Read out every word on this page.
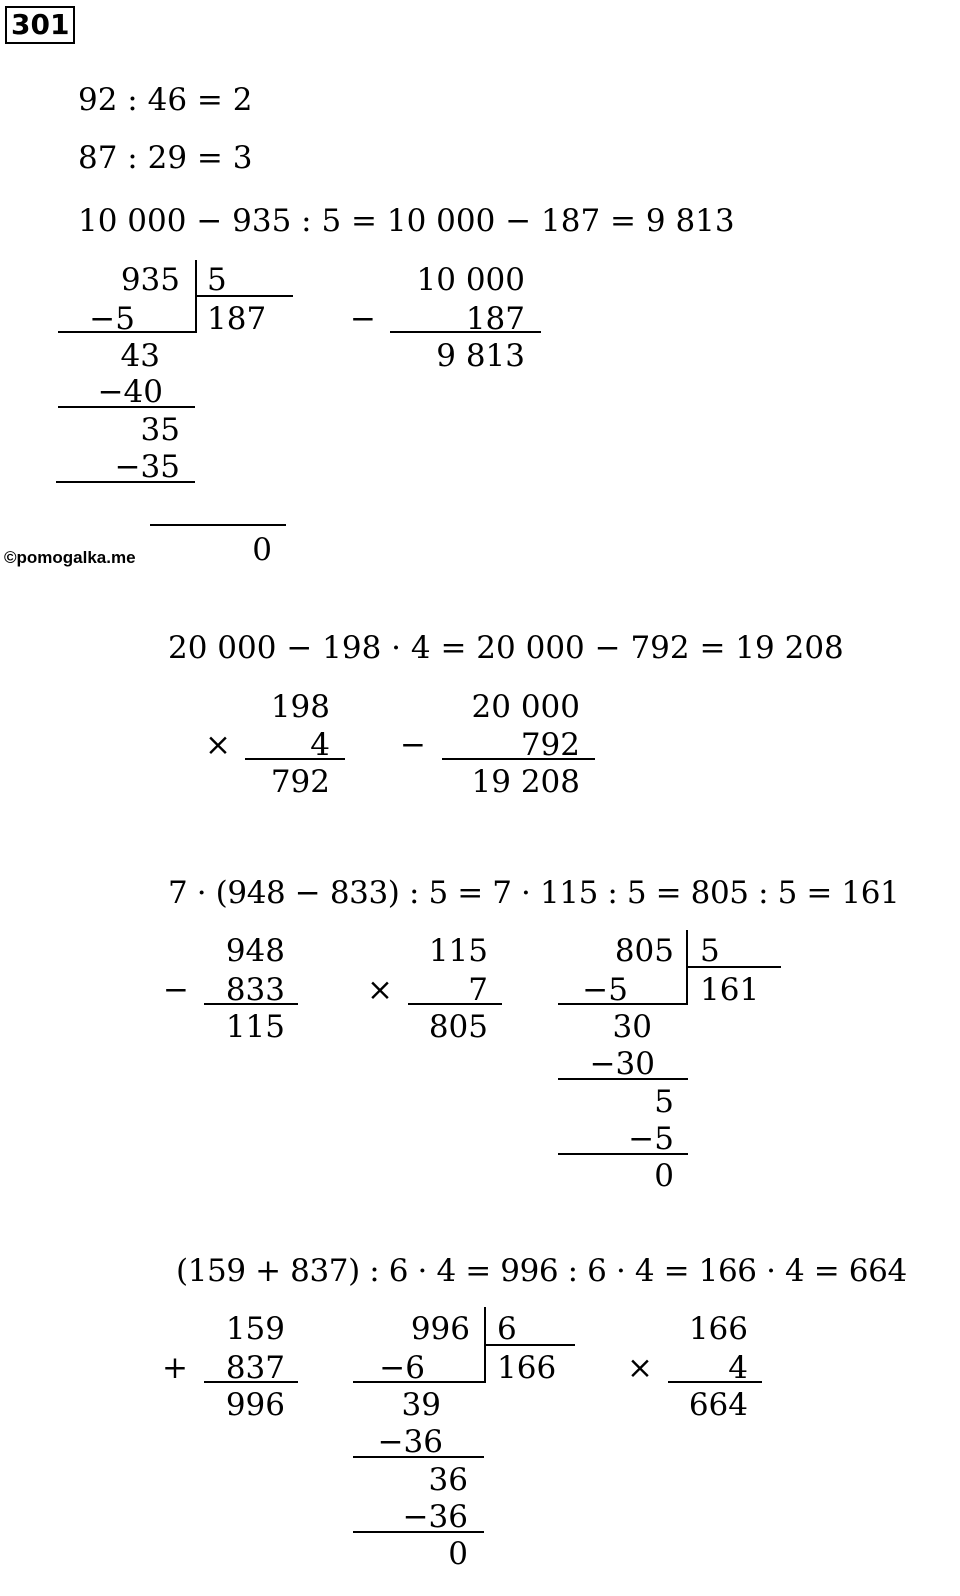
301
92 : 46 = 2
87 : 29 = 3
10 000 − 935 : 5 = 10 000 − 187 = 9 813
935 5
187
−5
43
−40
35
−35
0
©pomogalka.me
−
10 000
187
9 813
20 000 − 198 · 4 = 20 000 − 792 = 19 208
×
198
4
792
−
20 000
792
19 208
7 · (948 − 833) : 5 = 7 · 115 : 5 = 805 : 5 = 161
−
948
833
115
×
115
7
805
805 5
161
−5
30
−30
5
−5
0
(159 + 837) : 6 · 4 = 996 : 6 · 4 = 166 · 4 = 664
+
159
837
996
996 6
166
−6
39
−36
36
−36
0
×
166
4
664
